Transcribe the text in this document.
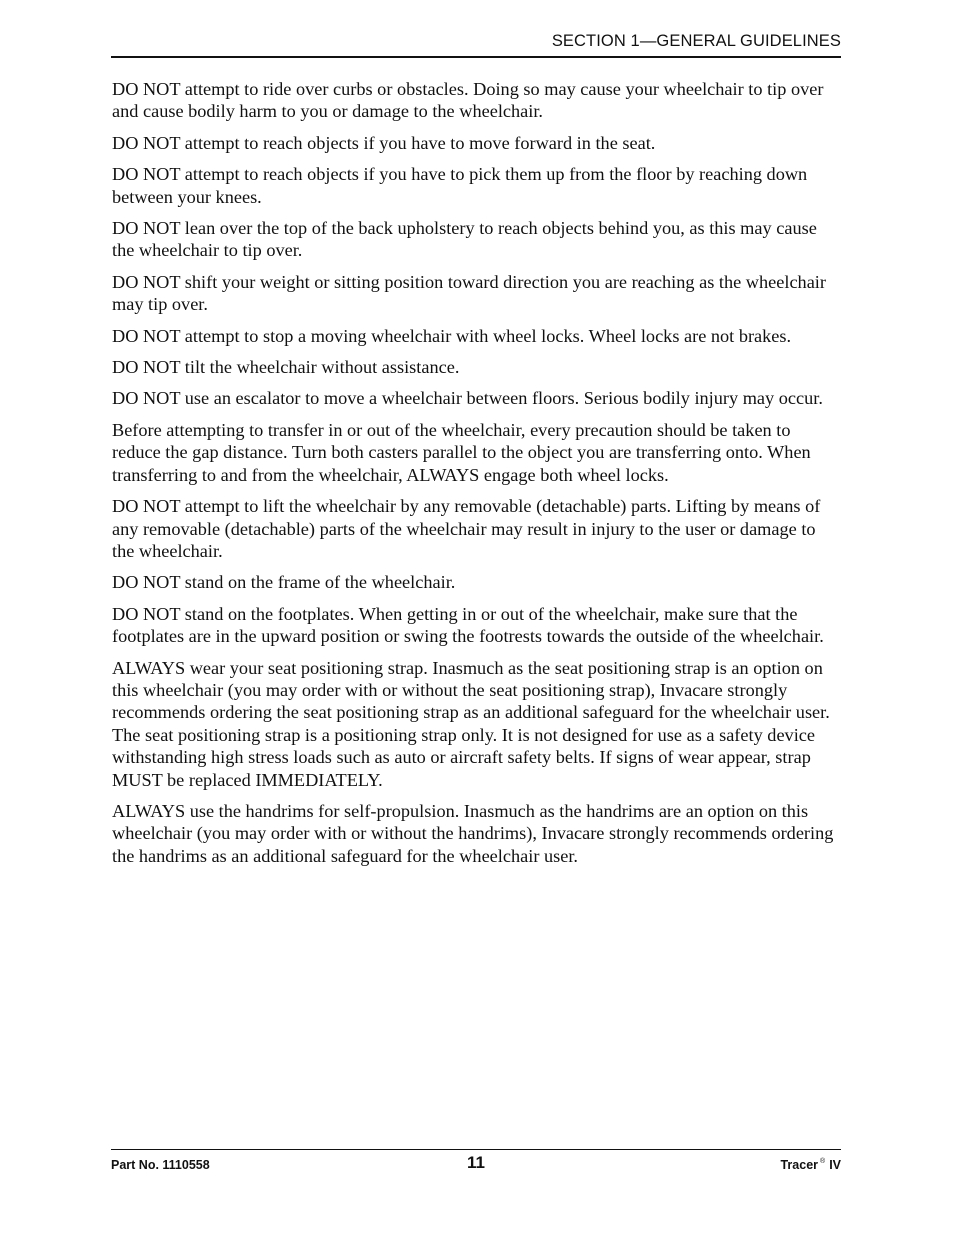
SECTION 1—GENERAL GUIDELINES

DO NOT attempt to ride over curbs or obstacles. Doing so may cause your wheelchair to tip over and cause bodily harm to you or damage to the wheelchair.

DO NOT attempt to reach objects if you have to move forward in the seat.

DO NOT attempt to reach objects if you have to pick them up from the floor by reaching down between your knees.

DO NOT lean over the top of the back upholstery to reach objects behind you, as this may cause the wheelchair to tip over.

DO NOT shift your weight or sitting position toward direction you are reaching as the wheelchair may tip over.

DO NOT attempt to stop a moving wheelchair with wheel locks. Wheel locks are not brakes.

DO NOT tilt the wheelchair without assistance.

DO NOT use an escalator to move a wheelchair between floors. Serious bodily injury may occur.

Before attempting to transfer in or out of the wheelchair, every precaution should be taken to reduce the gap distance. Turn both casters parallel to the object you are transferring onto. When transferring to and from the wheelchair, ALWAYS engage both wheel locks.

DO NOT attempt to lift the wheelchair by any removable (detachable) parts. Lifting by means of any removable (detachable) parts of the wheelchair may result in injury to the user or damage to the wheelchair.

DO NOT stand on the frame of the wheelchair.

DO NOT stand on the footplates. When getting in or out of the wheelchair, make sure that the footplates are in the upward position or swing the footrests towards the outside of the wheelchair.

ALWAYS wear your seat positioning strap. Inasmuch as the seat positioning strap is an option on this wheelchair (you may order with or without the seat positioning strap), Invacare strongly recommends ordering the seat positioning strap as an additional safeguard for the wheelchair user. The seat positioning strap is a positioning strap only. It is not designed for use as a safety device withstanding high stress loads such as auto or aircraft safety belts. If signs of wear appear, strap MUST be replaced IMMEDIATELY.

ALWAYS use the handrims for self-propulsion. Inasmuch as the handrims are an option on this wheelchair (you may order with or without the handrims), Invacare strongly recommends ordering the handrims as an additional safeguard for the wheelchair user.

Part No. 1110558	11	Tracer ® IV
